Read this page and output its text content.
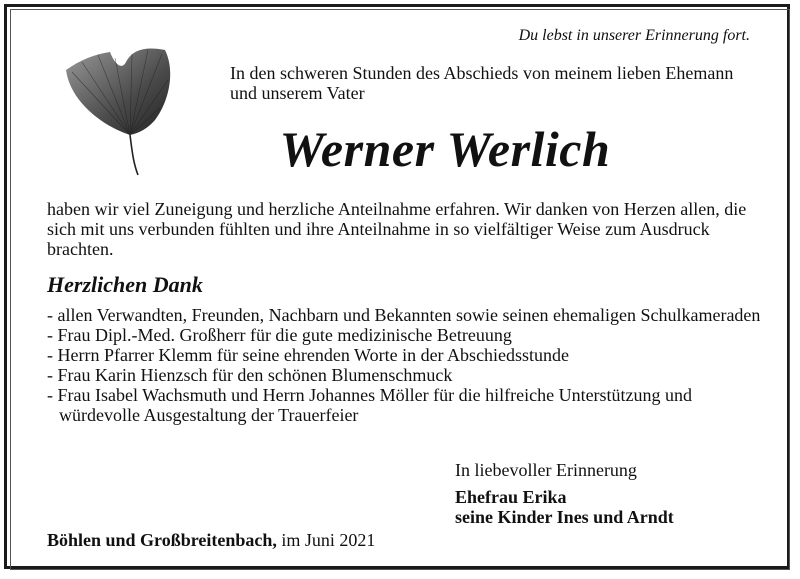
Du lebst in unserer Erinnerung fort.
In den schweren Stunden des Abschieds von meinem lieben Ehemann und unserem Vater
Werner Werlich
haben wir viel Zuneigung und herzliche Anteilnahme erfahren. Wir danken von Herzen allen, die sich mit uns verbunden fühlten und ihre Anteilnahme in so vielfältiger Weise zum Ausdruck brachten.
Herzlichen Dank
- allen Verwandten, Freunden, Nachbarn und Bekannten sowie seinen ehemaligen Schulkameraden
- Frau Dipl.-Med. Großherr für die gute medizinische Betreuung
- Herrn Pfarrer Klemm für seine ehrenden Worte in der Abschiedsstunde
- Frau Karin Hienzsch für den schönen Blumenschmuck
- Frau Isabel Wachsmuth und Herrn Johannes Möller für die hilfreiche Unterstützung und würdevolle Ausgestaltung der Trauerfeier
In liebevoller Erinnerung
Ehefrau Erika
seine Kinder Ines und Arndt
Böhlen und Großbreitenbach, im Juni 2021
